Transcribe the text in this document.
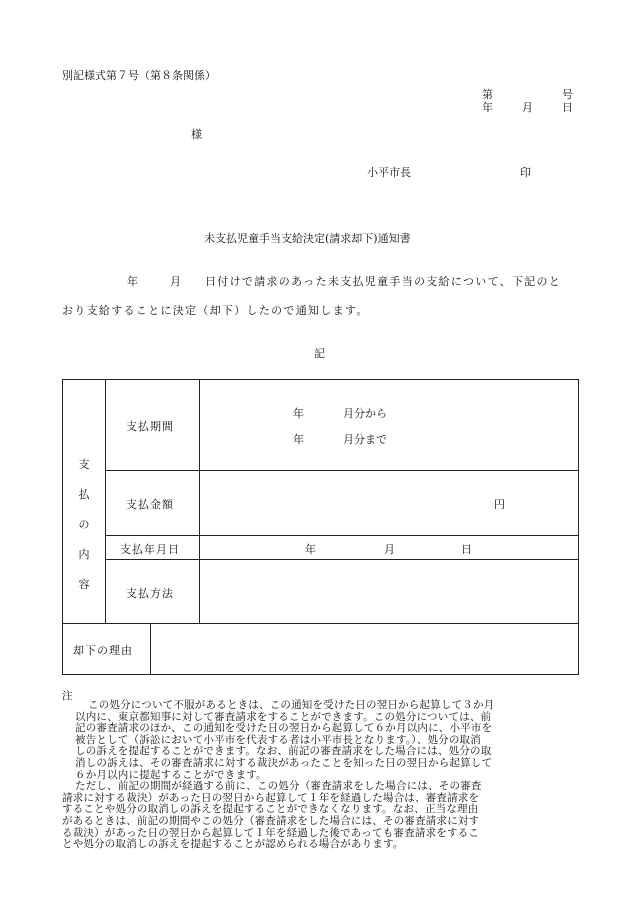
別記様式第７号（第８条関係）
第	号
年	月	日
様
小平市長	印
未支払児童手当支給決定(請求却下)通知書
年	月 日付けで請求のあった未支払児童手当の支給について、下記のと
おり支給することに決定（却下）したので通知します。
記
支
払
の
内
容	支払期間		年 月分から
年 月分まで

	支払金額		円

	支払年月日		年 月 日

	支払方法		

却下の理由			

注

この処分について不服があるときは、この通知を受けた日の翌日から起算して３か月

以内に、東京都知事に対して審査請求をすることができます。この処分については、前

記の審査請求のほか、この通知を受けた日の翌日から起算して６か月以内に、小平市を

被告として（訴訟において小平市を代表する者は小平市長となります。）、処分の取消

しの訴えを提起することができます。なお、前記の審査請求をした場合には、処分の取

消しの訴えは、その審査請求に対する裁決があったことを知った日の翌日から起算して

６か月以内に提起することができます。

ただし、前記の期間が経過する前に、この処分（審査請求をした場合には、その審査

請求に対する裁決）があった日の翌日から起算して１年を経過した場合は、審査請求を

することや処分の取消しの訴えを提起することができなくなります。なお、正当な理由

があるときは、前記の期間やこの処分（審査請求をした場合には、その審査請求に対す

る裁決）があった日の翌日から起算して１年を経過した後であっても審査請求をするこ

とや処分の取消しの訴えを提起することが認められる場合があります。
